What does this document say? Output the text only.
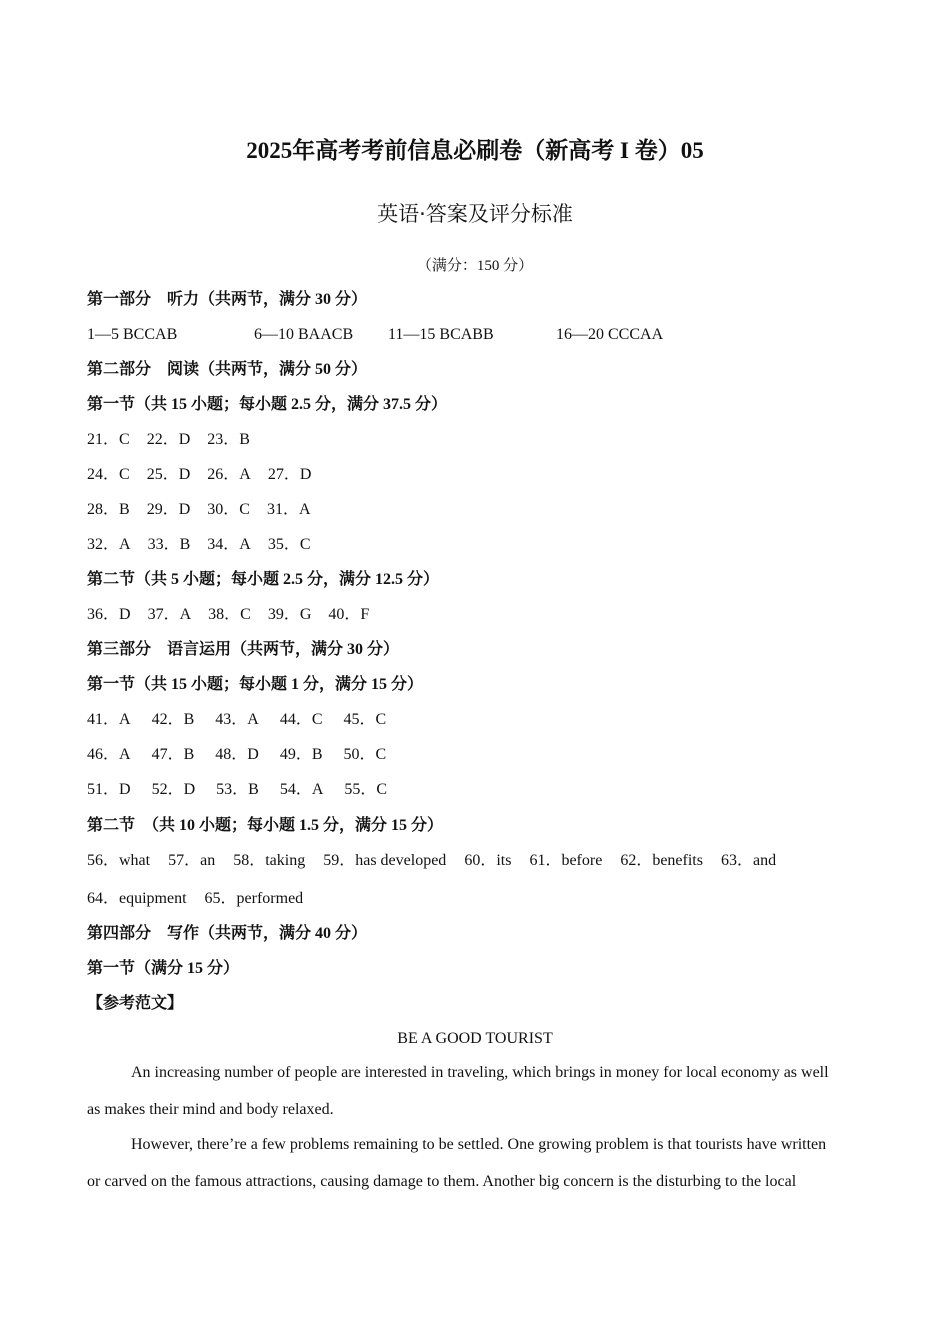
2025年高考考前信息必刷卷（新高考 I 卷）05
英语·答案及评分标准
（满分：150 分）
第一部分　听力（共两节，满分 30 分）
1—5 BCCAB	6—10 BAACB 11—15 BCABB	16—20 CCCAA
第二部分　阅读（共两节，满分 50 分）
第一节（共 15 小题；每小题 2.5 分，满分 37.5 分）
21．C 22．D 23．B
24．C 25．D 26．A 27．D
28．B 29．D 30．C 31．A
32．A 33．B 34．A 35．C
第二节（共 5 小题；每小题 2.5 分，满分 12.5 分）
36．D 37．A 38．C 39．G 40．F
第三部分　语言运用（共两节，满分 30 分）
第一节（共 15 小题；每小题 1 分，满分 15 分）
41．A 42．B 43．A 44．C 45．C
46．A 47．B 48．D 49．B 50．C
51．D 52．D 53．B 54．A 55．C
第二节　（共 10 小题；每小题 1.5 分，满分 15 分）
56．what 57．an 58．taking 59．has developed 60．its 61．before 62．benefits 63．and
64．equipment 65．performed
第四部分　写作（共两节，满分 40 分）
第一节（满分 15 分）
【参考范文】
BE A GOOD TOURIST
An increasing number of people are interested in traveling, which brings in money for local economy as well
as makes their mind and body relaxed.
However, there’re a few problems remaining to be settled. One growing problem is that tourists have written
or carved on the famous attractions, causing damage to them. Another big concern is the disturbing to the local
